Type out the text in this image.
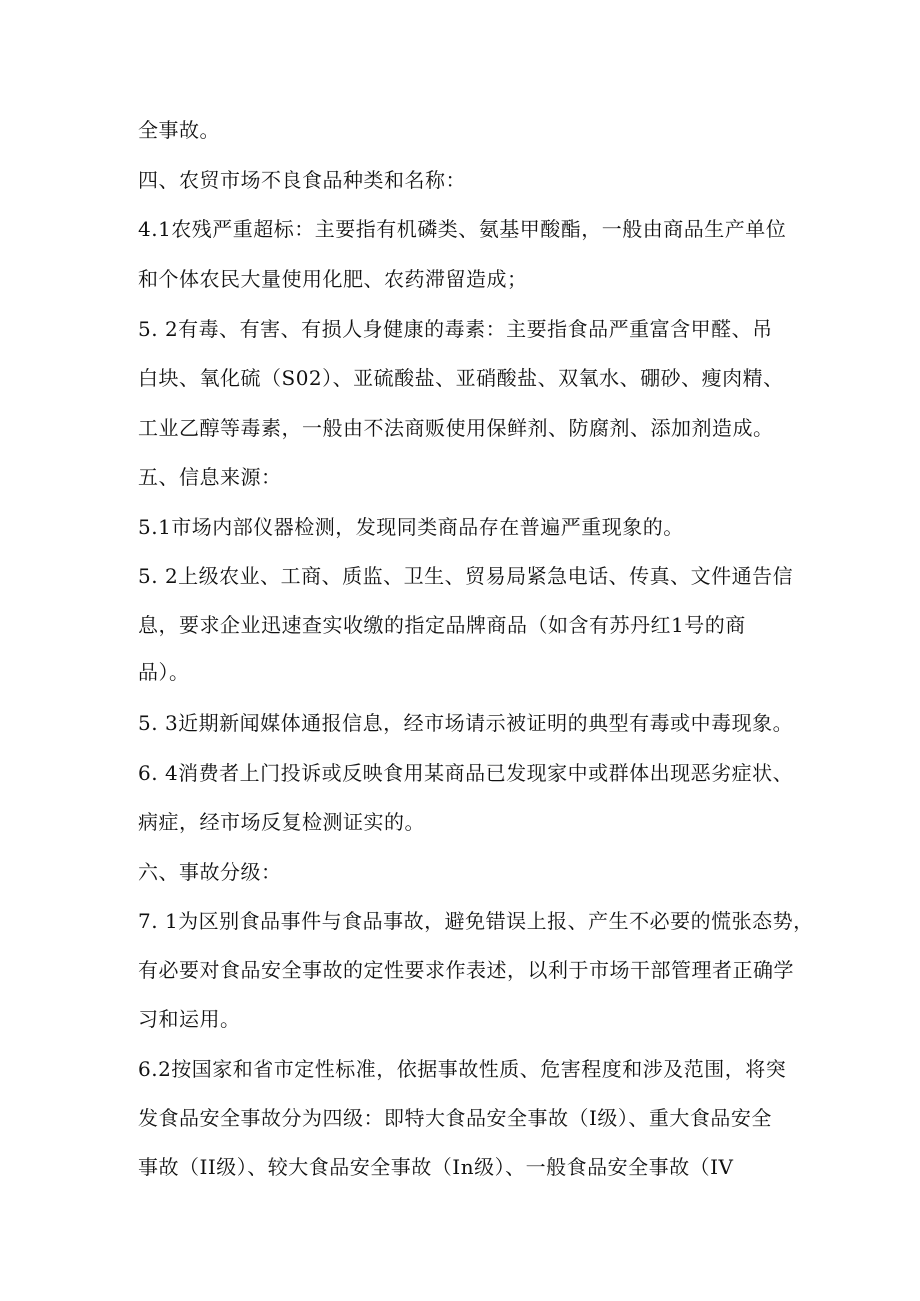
全事故。
四、农贸市场不良食品种类和名称：
4.1农残严重超标：主要指有机磷类、氨基甲酸酯，一般由商品生产单位
和个体农民大量使用化肥、农药滞留造成；
5. 2有毒、有害、有损人身健康的毒素：主要指食品严重富含甲醛、吊
白块、氧化硫（S02）、亚硫酸盐、亚硝酸盐、双氧水、硼砂、瘦肉精、
工业乙醇等毒素，一般由不法商贩使用保鲜剂、防腐剂、添加剂造成。
五、信息来源：
5.1市场内部仪器检测，发现同类商品存在普遍严重现象的。
5. 2上级农业、工商、质监、卫生、贸易局紧急电话、传真、文件通告信
息，要求企业迅速查实收缴的指定品牌商品（如含有苏丹红1号的商
品）。
5. 3近期新闻媒体通报信息，经市场请示被证明的典型有毒或中毒现象。
6. 4消费者上门投诉或反映食用某商品已发现家中或群体出现恶劣症状、
病症，经市场反复检测证实的。
六、事故分级：
7. 1为区别食品事件与食品事故，避免错误上报、产生不必要的慌张态势，
有必要对食品安全事故的定性要求作表述，以利于市场干部管理者正确学
习和运用。
6.2按国家和省市定性标准，依据事故性质、危害程度和涉及范围，将突
发食品安全事故分为四级：即特大食品安全事故（I级）、重大食品安全
事故（II级）、较大食品安全事故（In级）、一般食品安全事故（IV
